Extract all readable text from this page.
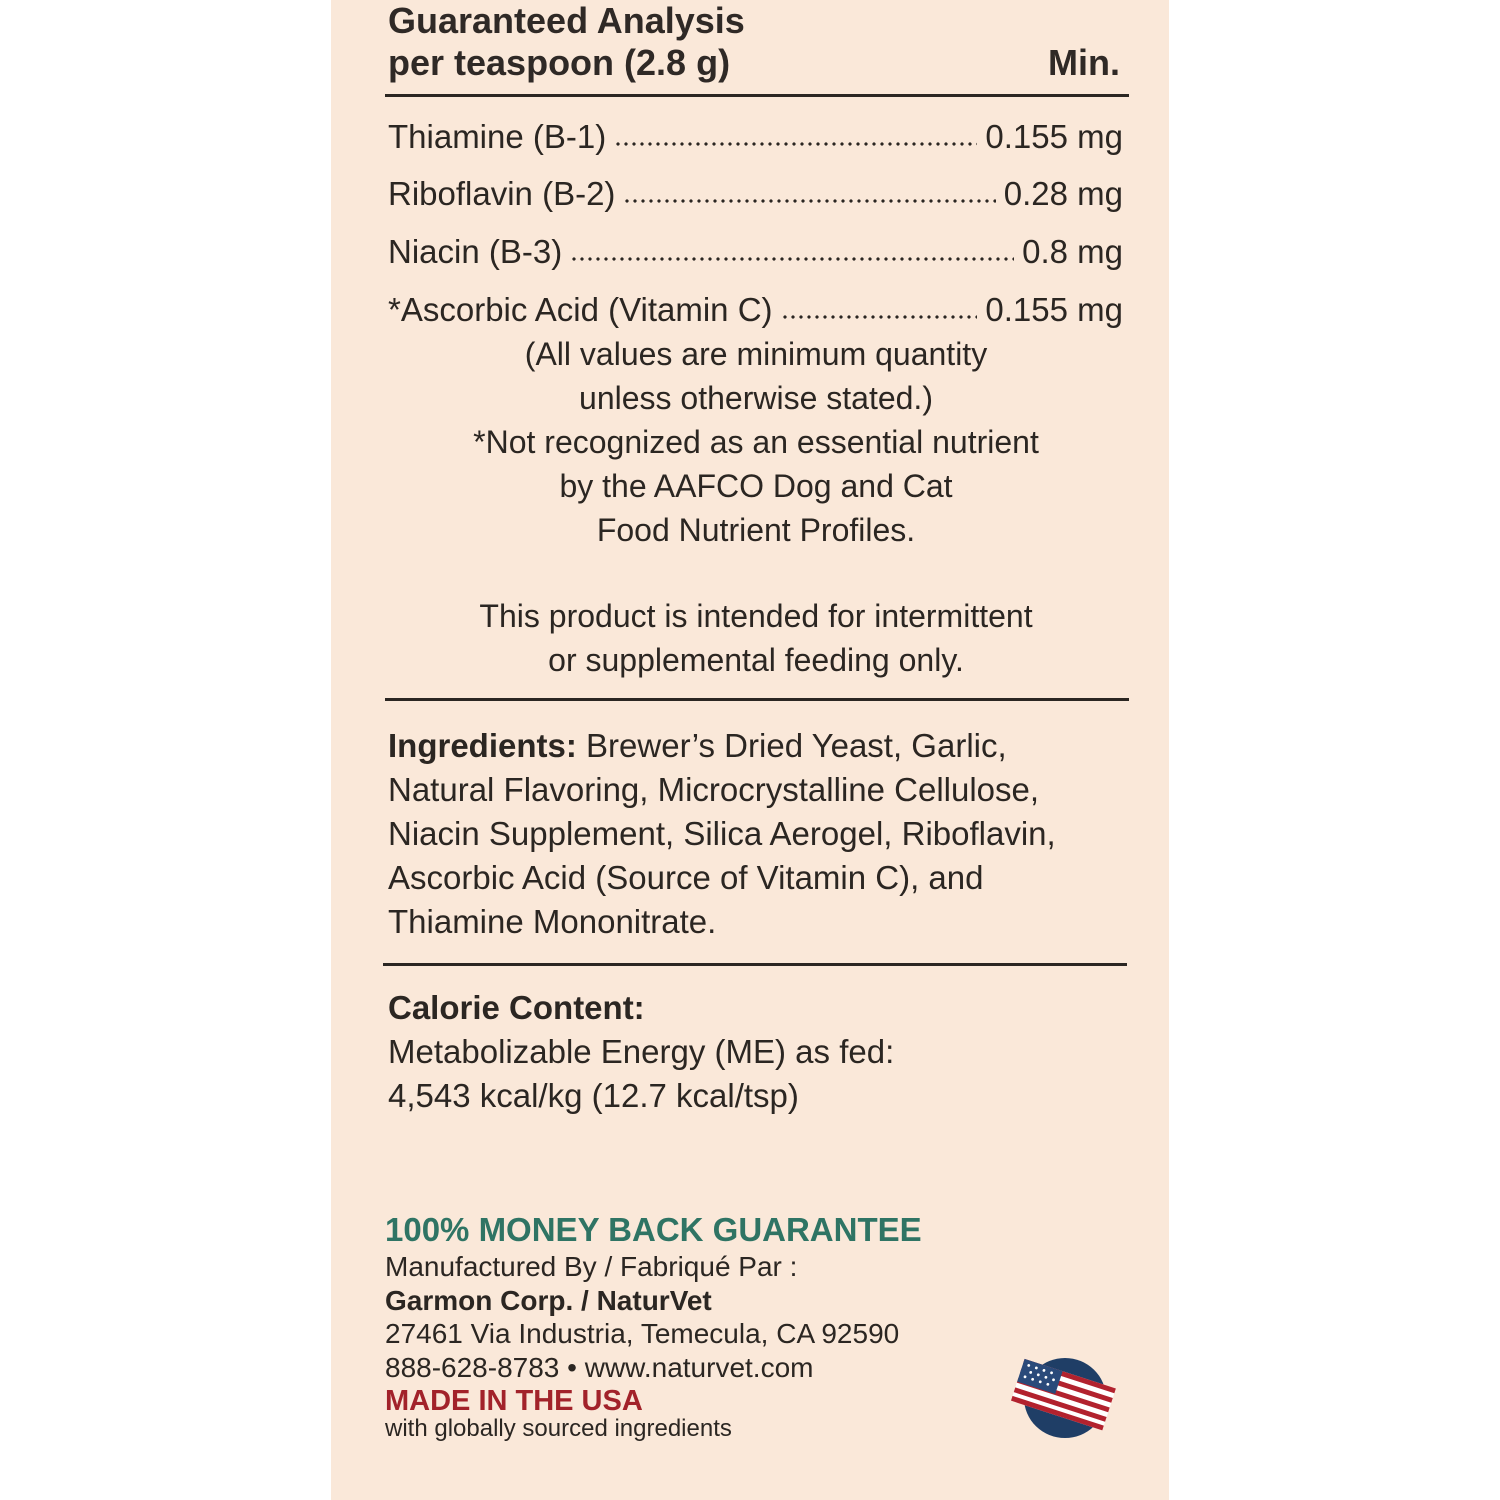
Guaranteed Analysis
per teaspoon (2.8 g)	Min.
Thiamine (B-1)	0.155 mg
Riboflavin (B-2)	0.28 mg
Niacin (B-3)	0.8 mg
*Ascorbic Acid (Vitamin C)	0.155 mg
(All values are minimum quantity
unless otherwise stated.)
*Not recognized as an essential nutrient
by the AAFCO Dog and Cat
Food Nutrient Profiles.
This product is intended for intermittent
or supplemental feeding only.
Ingredients: Brewer’s Dried Yeast, Garlic,
Natural Flavoring, Microcrystalline Cellulose,
Niacin Supplement, Silica Aerogel, Riboflavin,
Ascorbic Acid (Source of Vitamin C), and
Thiamine Mononitrate.
Calorie Content:
Metabolizable Energy (ME) as fed:
4,543 kcal/kg (12.7 kcal/tsp)
100% MONEY BACK GUARANTEE
Manufactured By / Fabriqué Par :
Garmon Corp. / NaturVet
27461 Via Industria, Temecula, CA 92590
888-628-8783 • www.naturvet.com
MADE IN THE USA
with globally sourced ingredients
